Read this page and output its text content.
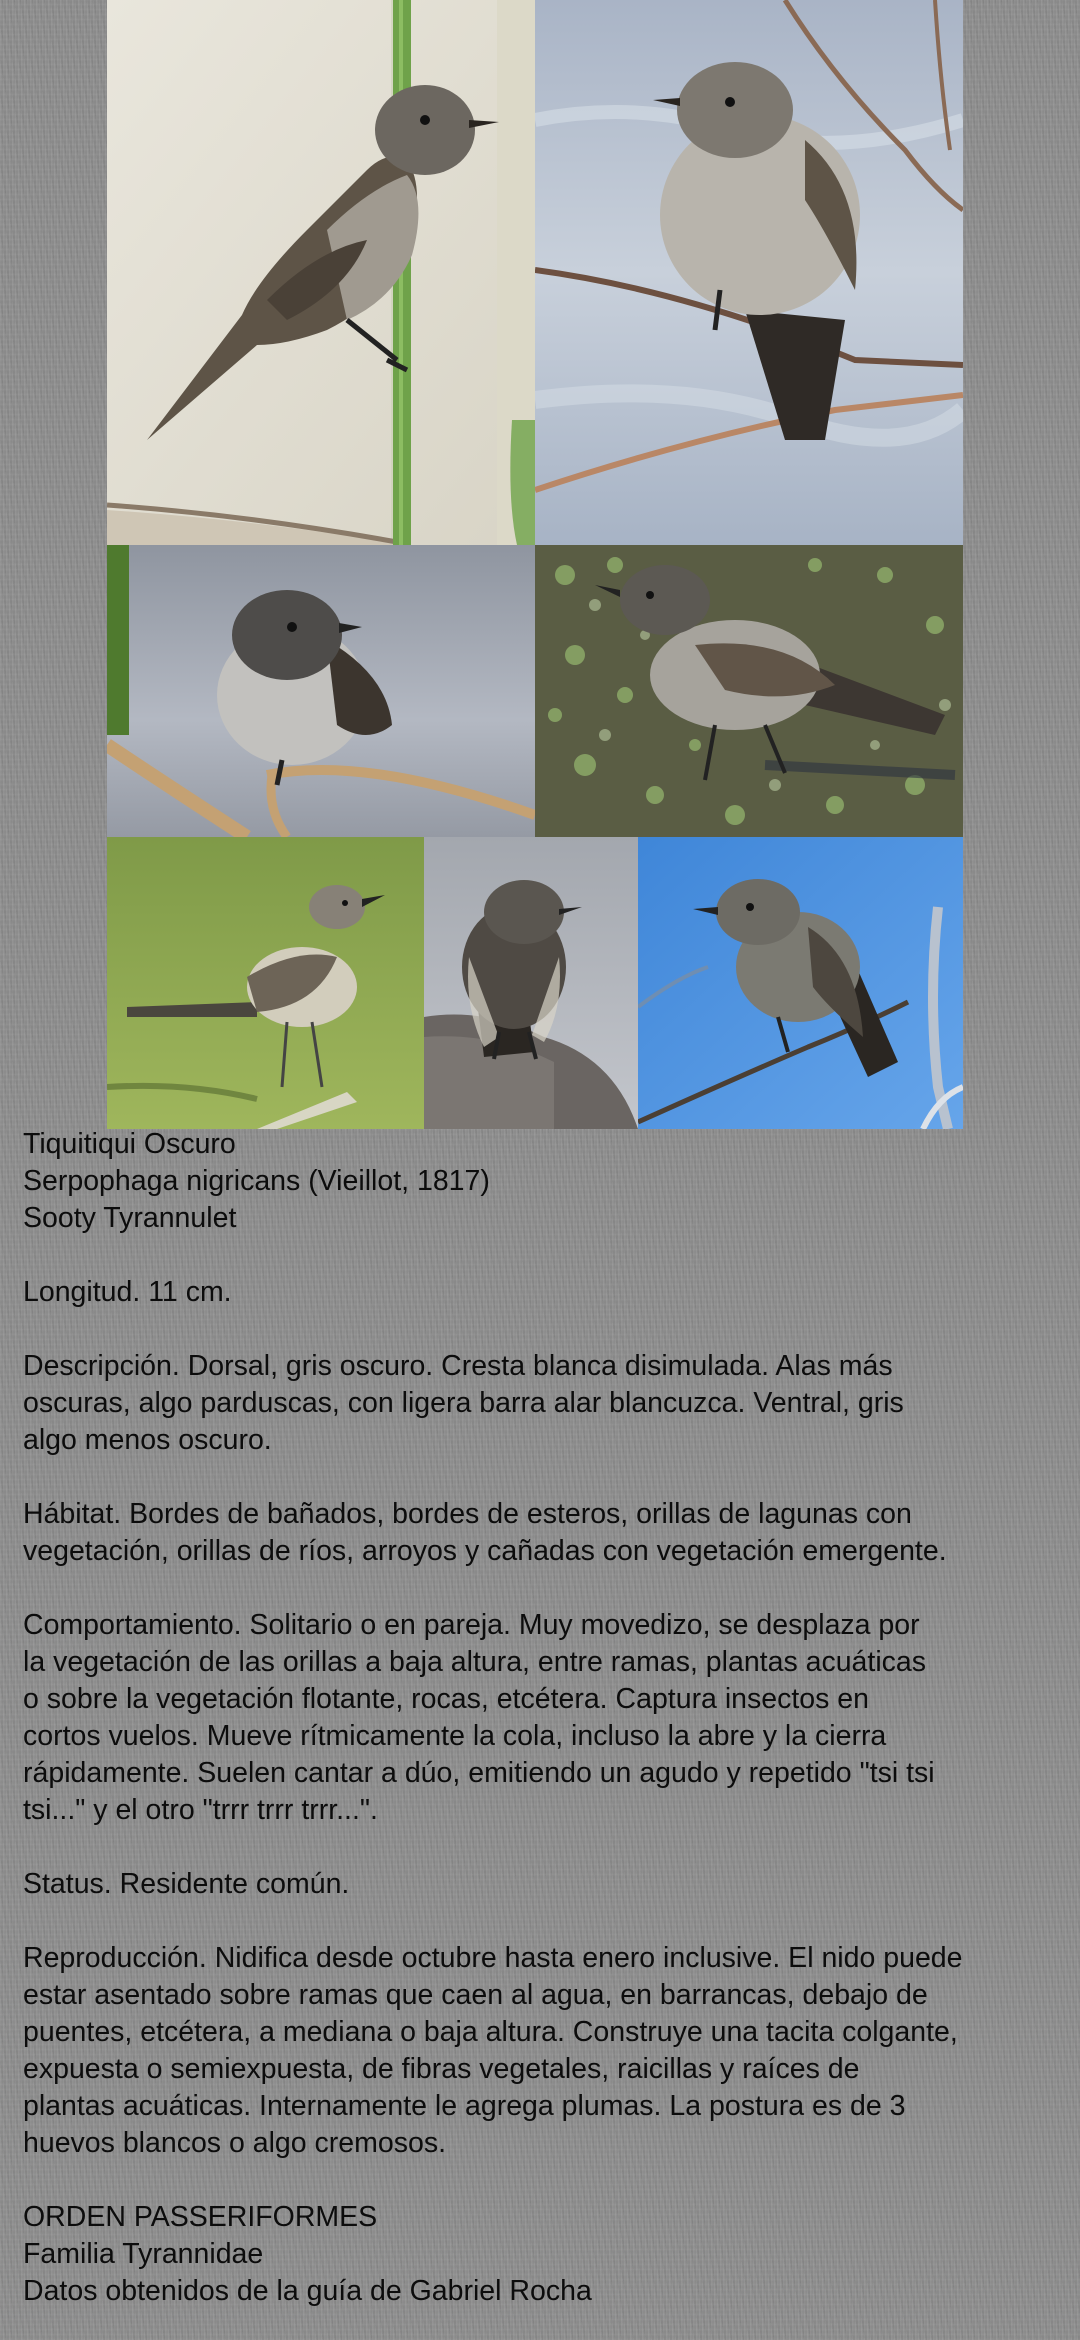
Tiquitiqui Oscuro
Serpophaga nigricans (Vieillot, 1817)
Sooty Tyrannulet
Longitud. 11 cm.
Descripción. Dorsal, gris oscuro. Cresta blanca disimulada. Alas más
oscuras, algo parduscas, con ligera barra alar blancuzca. Ventral, gris
algo menos oscuro.
Hábitat. Bordes de bañados, bordes de esteros, orillas de lagunas con
vegetación, orillas de ríos, arroyos y cañadas con vegetación emergente.
Comportamiento. Solitario o en pareja. Muy movedizo, se desplaza por
la vegetación de las orillas a baja altura, entre ramas, plantas acuáticas
o sobre la vegetación flotante, rocas, etcétera. Captura insectos en
cortos vuelos. Mueve rítmicamente la cola, incluso la abre y la cierra
rápidamente. Suelen cantar a dúo, emitiendo un agudo y repetido "tsi tsi
tsi..." y el otro "trrr trrr trrr...".
Status. Residente común.
Reproducción. Nidifica desde octubre hasta enero inclusive. El nido puede
estar asentado sobre ramas que caen al agua, en barrancas, debajo de
puentes, etcétera, a mediana o baja altura. Construye una tacita colgante,
expuesta o semiexpuesta, de fibras vegetales, raicillas y raíces de
plantas acuáticas. Internamente le agrega plumas. La postura es de 3
huevos blancos o algo cremosos.
ORDEN PASSERIFORMES
Familia Tyrannidae
Datos obtenidos de la guía de Gabriel Rocha
